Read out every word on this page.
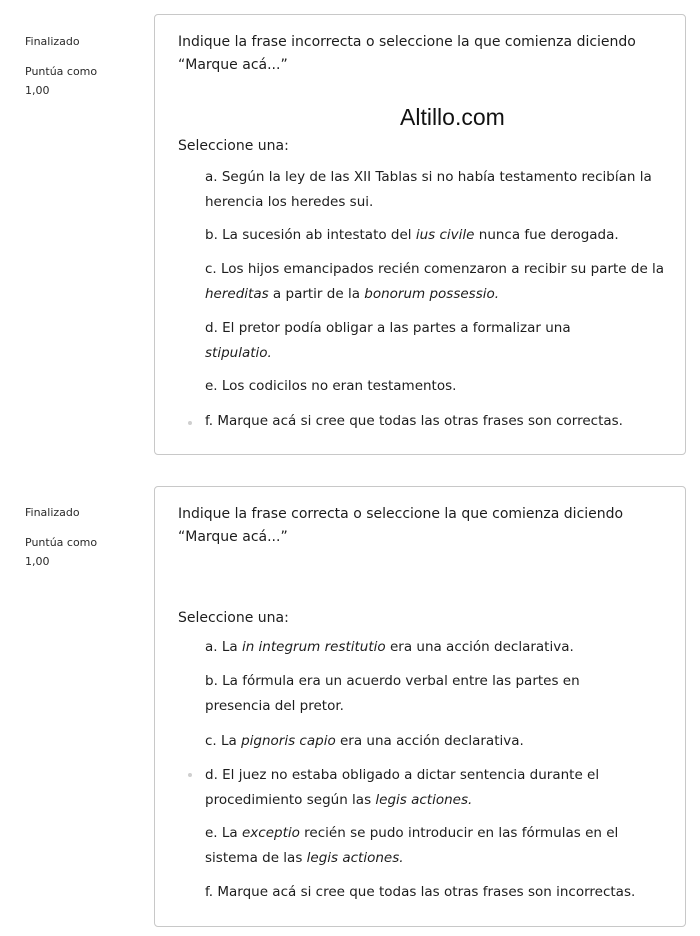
Finalizado
Puntúa como
1,00
Indique la frase incorrecta o seleccione la que comienza diciendo “Marque acá...”
Seleccione una:
a. Según la ley de las XII Tablas si no había testamento recibían la herencia los heredes sui.
b. La sucesión ab intestato del ius civile nunca fue derogada.
c. Los hijos emancipados recién comenzaron a recibir su parte de la hereditas a partir de la bonorum possessio.
d. El pretor podía obligar a las partes a formalizar una stipulatio.
e. Los codicilos no eran testamentos.
f. Marque acá si cree que todas las otras frases son correctas.
Altillo.com
Finalizado
Puntúa como
1,00
Indique la frase correcta o seleccione la que comienza diciendo “Marque acá...”
Seleccione una:
a. La in integrum restitutio era una acción declarativa.
b. La fórmula era un acuerdo verbal entre las partes en presencia del pretor.
c. La pignoris capio era una acción declarativa.
d. El juez no estaba obligado a dictar sentencia durante el procedimiento según las legis actiones.
e. La exceptio recién se pudo introducir en las fórmulas en el sistema de las legis actiones.
f. Marque acá si cree que todas las otras frases son incorrectas.
